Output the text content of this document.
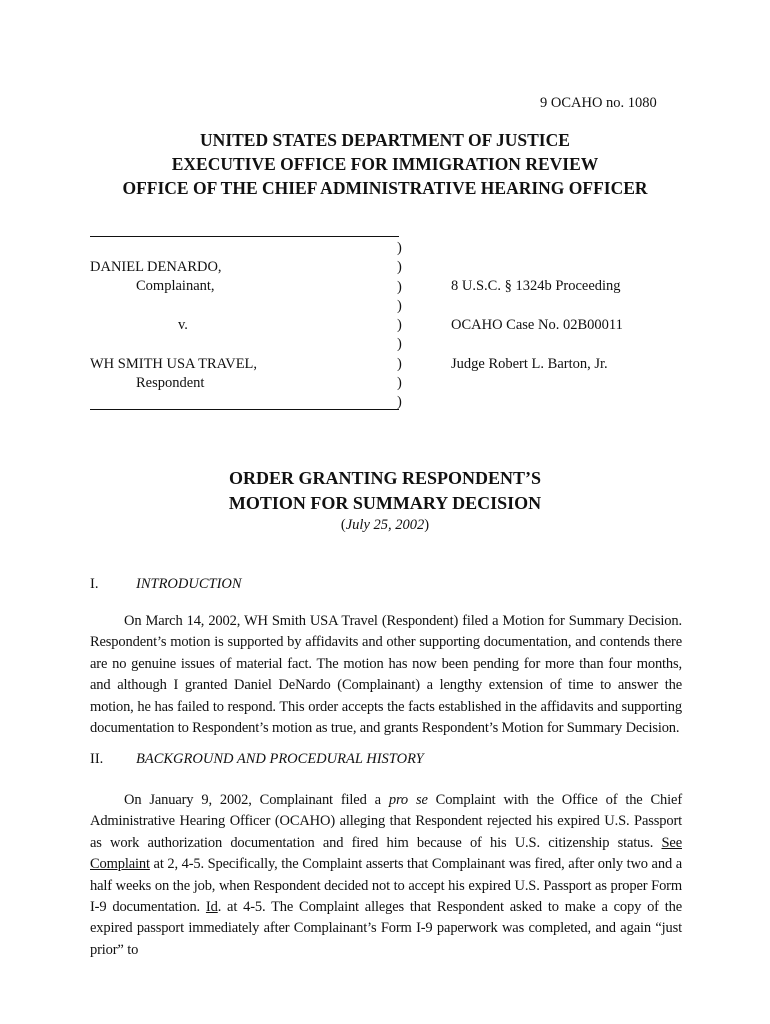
9 OCAHO no. 1080
UNITED STATES DEPARTMENT OF JUSTICE
EXECUTIVE OFFICE FOR IMMIGRATION REVIEW
OFFICE OF THE CHIEF ADMINISTRATIVE HEARING OFFICER
DANIEL DENARDO,
Complainant,
v.
WH SMITH USA TRAVEL,
Respondent
)
)
)
)
)
)
)
)
)
8 U.S.C. § 1324b Proceeding
OCAHO Case No. 02B00011
Judge Robert L. Barton, Jr.
ORDER GRANTING RESPONDENT’S
MOTION FOR SUMMARY DECISION
(July 25, 2002)
I.	INTRODUCTION
On March 14, 2002, WH Smith USA Travel (Respondent) filed a Motion for Summary Decision. Respondent’s motion is supported by affidavits and other supporting documentation, and contends there are no genuine issues of material fact. The motion has now been pending for more than four months, and although I granted Daniel DeNardo (Complainant) a lengthy extension of time to answer the motion, he has failed to respond. This order accepts the facts established in the affidavits and supporting documentation to Respondent’s motion as true, and grants Respondent’s Motion for Summary Decision.
II. BACKGROUND AND PROCEDURAL HISTORY
On January 9, 2002, Complainant filed a pro se Complaint with the Office of the Chief Administrative Hearing Officer (OCAHO) alleging that Respondent rejected his expired U.S. Passport as work authorization documentation and fired him because of his U.S. citizenship status. See Complaint at 2, 4-5. Specifically, the Complaint asserts that Complainant was fired, after only two and a half weeks on the job, when Respondent decided not to accept his expired U.S. Passport as proper Form I-9 documentation. Id. at 4-5. The Complaint alleges that Respondent asked to make a copy of the expired passport immediately after Complainant’s Form I-9 paperwork was completed, and again “just prior” to
